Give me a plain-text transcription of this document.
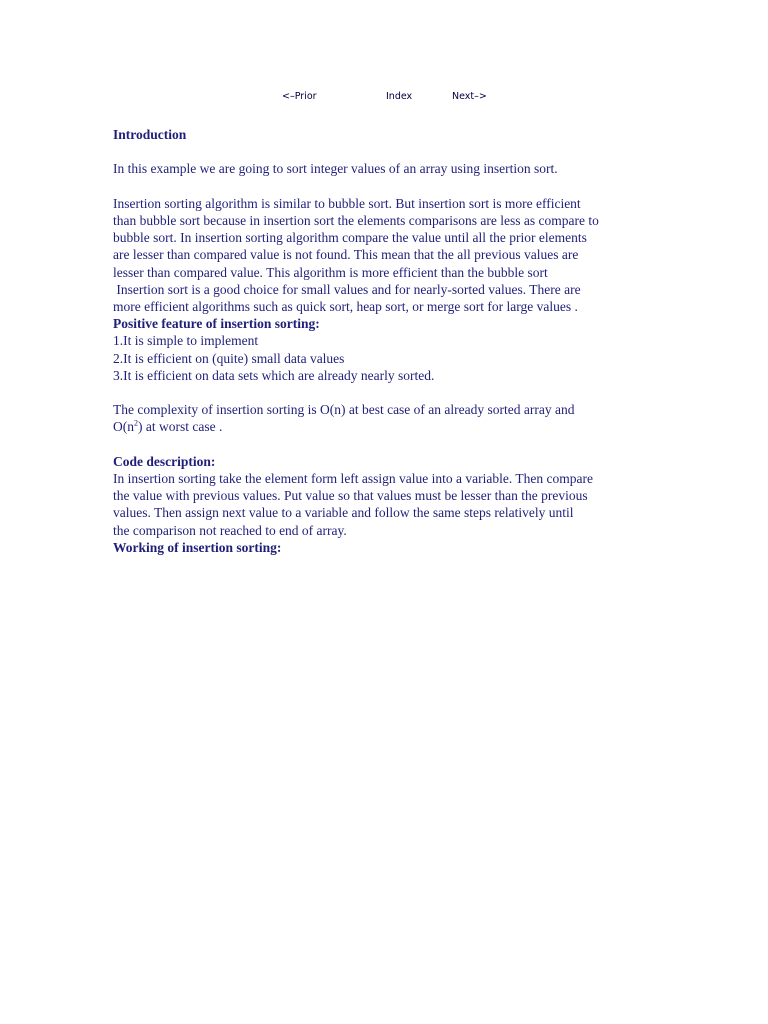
<–Prior	Index	Next–>
Introduction

In this example we are going to sort integer values of an array using insertion sort.

Insertion sorting algorithm is similar to bubble sort. But insertion sort is more efficient

than bubble sort because in insertion sort the elements comparisons are less as compare to

bubble sort. In insertion sorting algorithm compare the value until all the prior elements

are lesser than compared value is not found. This mean that the all previous values are

lesser than compared value. This algorithm is more efficient than the bubble sort

Insertion sort is a good choice for small values and for nearly-sorted values. There are

more efficient algorithms such as quick sort, heap sort, or merge sort for large values .

Positive feature of insertion sorting:

1.It is simple to implement

2.It is efficient on (quite) small data values

3.It is efficient on data sets which are already nearly sorted.

The complexity of insertion sorting is O(n) at best case of an already sorted array and

$O(n^2)$ at worst case .

Code description:

In insertion sorting take the element form left assign value into a variable. Then compare

the value with previous values. Put value so that values must be lesser than the previous

values. Then assign next value to a variable and follow the same steps relatively until

the comparison not reached to end of array.

Working of insertion sorting:
